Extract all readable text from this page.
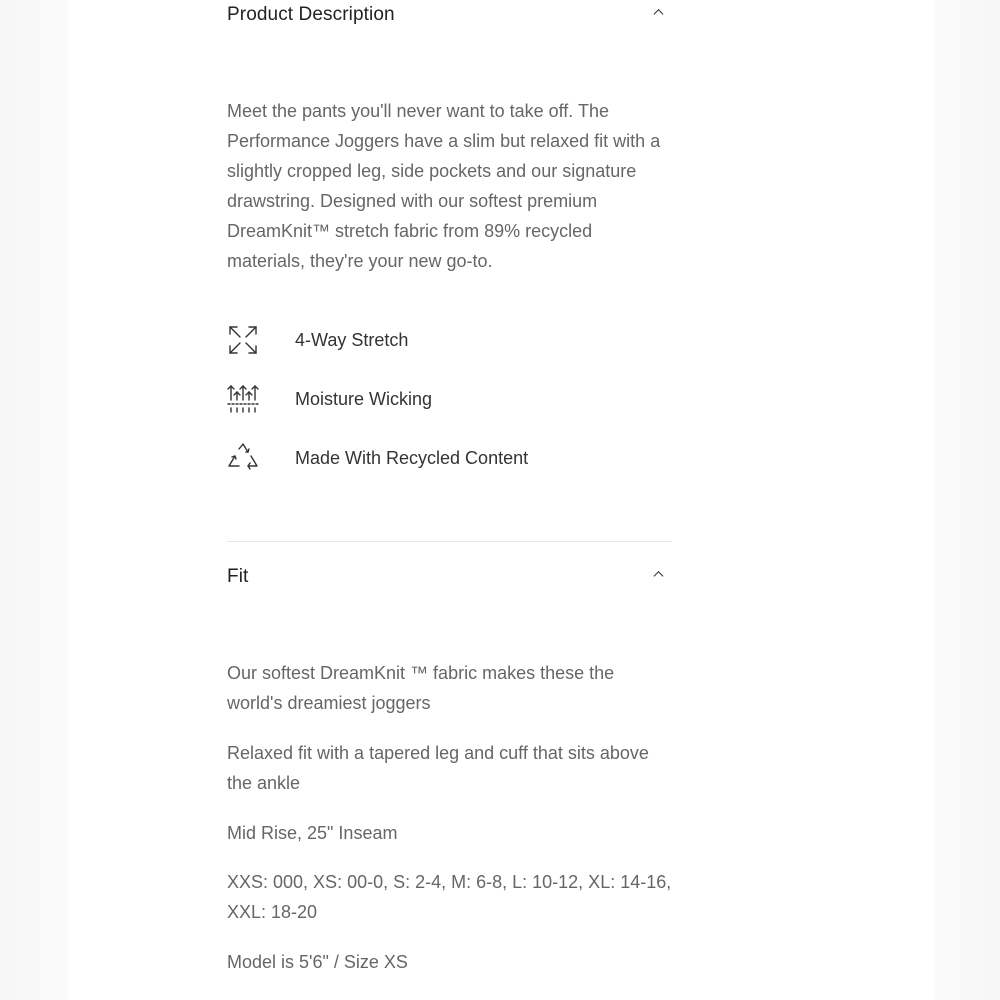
Product Description

Meet the pants you'll never want to take off. The Performance Joggers have a slim but relaxed fit with a slightly cropped leg, side pockets and our signature drawstring. Designed with our softest premium DreamKnit™ stretch fabric from 89% recycled materials, they're your new go-to.

4-Way Stretch
Moisture Wicking
Made With Recycled Content
Fit
Our softest DreamKnit ™ fabric makes these the world's dreamiest joggers
Relaxed fit with a tapered leg and cuff that sits above the ankle
Mid Rise, 25" Inseam
XXS: 000, XS: 00-0, S: 2-4, M: 6-8, L: 10-12, XL: 14-16, XXL: 18-20
Model is 5'6" / Size XS
